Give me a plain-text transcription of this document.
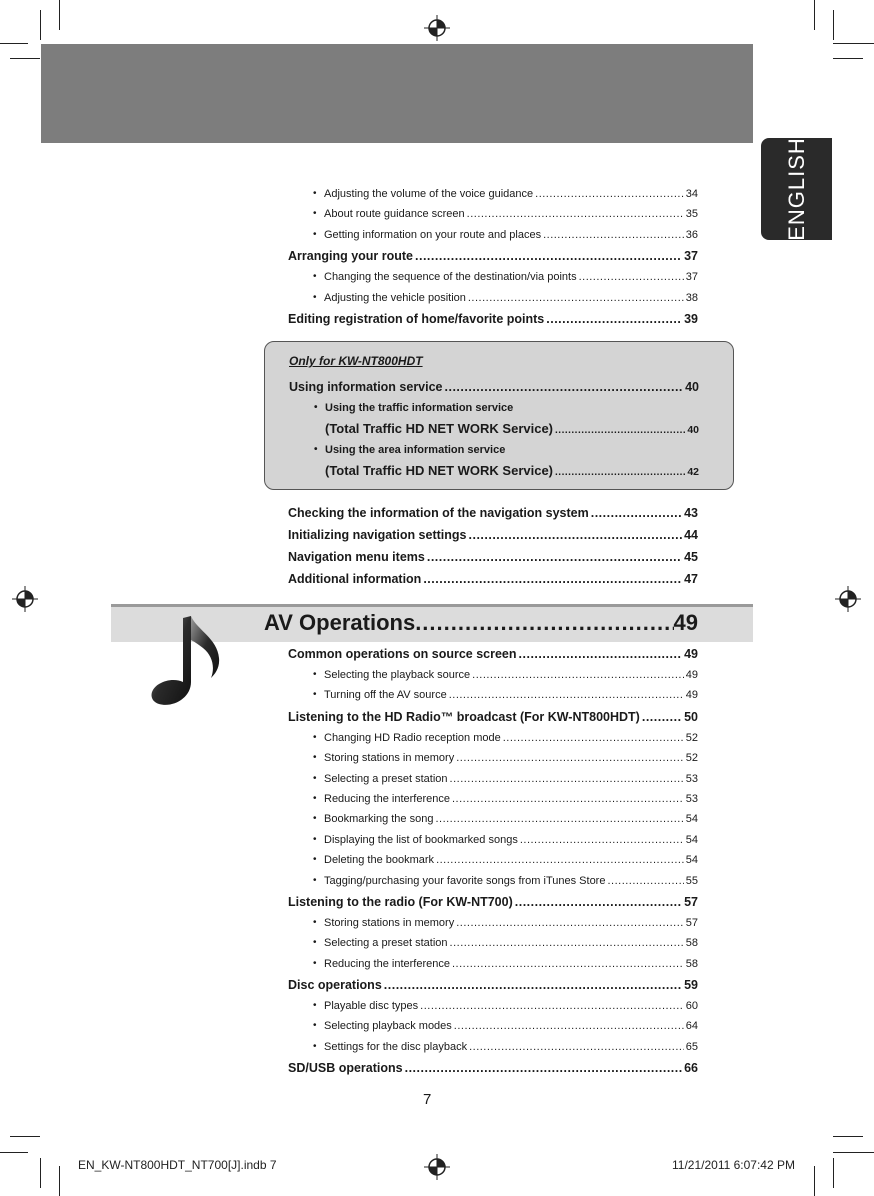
ENGLISH
• Adjusting the volume of the voice guidance .....	34
• About route guidance screen .....	35
• Getting information on your route and places .....	36
Arranging your route .....	37
• Changing the sequence of the destination/via points .....	37
• Adjusting the vehicle position .....	38
Editing registration of home/favorite points .....	39
Only for KW-NT800HDT
Using information service .....	40
• Using the traffic information service
(Total Traffic HD NET WORK Service) .....	40
• Using the area information service
(Total Traffic HD NET WORK Service) .....	42
Checking the information of the navigation system .....	43
Initializing navigation settings .....	44
Navigation menu items .....	45
Additional information .....	47
AV Operations .....	49
Common operations on source screen .....	49
• Selecting the playback source .....	49
• Turning off the AV source .....	49
Listening to the HD Radio™ broadcast (For KW-NT800HDT) .....	50
• Changing HD Radio reception mode .....	52
• Storing stations in memory .....	52
• Selecting a preset station .....	53
• Reducing the interference .....	53
• Bookmarking the song .....	54
• Displaying the list of bookmarked songs .....	54
• Deleting the bookmark .....	54
• Tagging/purchasing your favorite songs from iTunes Store .....	55
Listening to the radio (For KW-NT700) .....	57
• Storing stations in memory .....	57
• Selecting a preset station .....	58
• Reducing the interference .....	58
Disc operations .....	59
• Playable disc types .....	60
• Selecting playback modes .....	64
• Settings for the disc playback .....	65
SD/USB operations .....	66
7
EN_KW-NT800HDT_NT700[J].indb 7	11/21/2011 6:07:42 PM
